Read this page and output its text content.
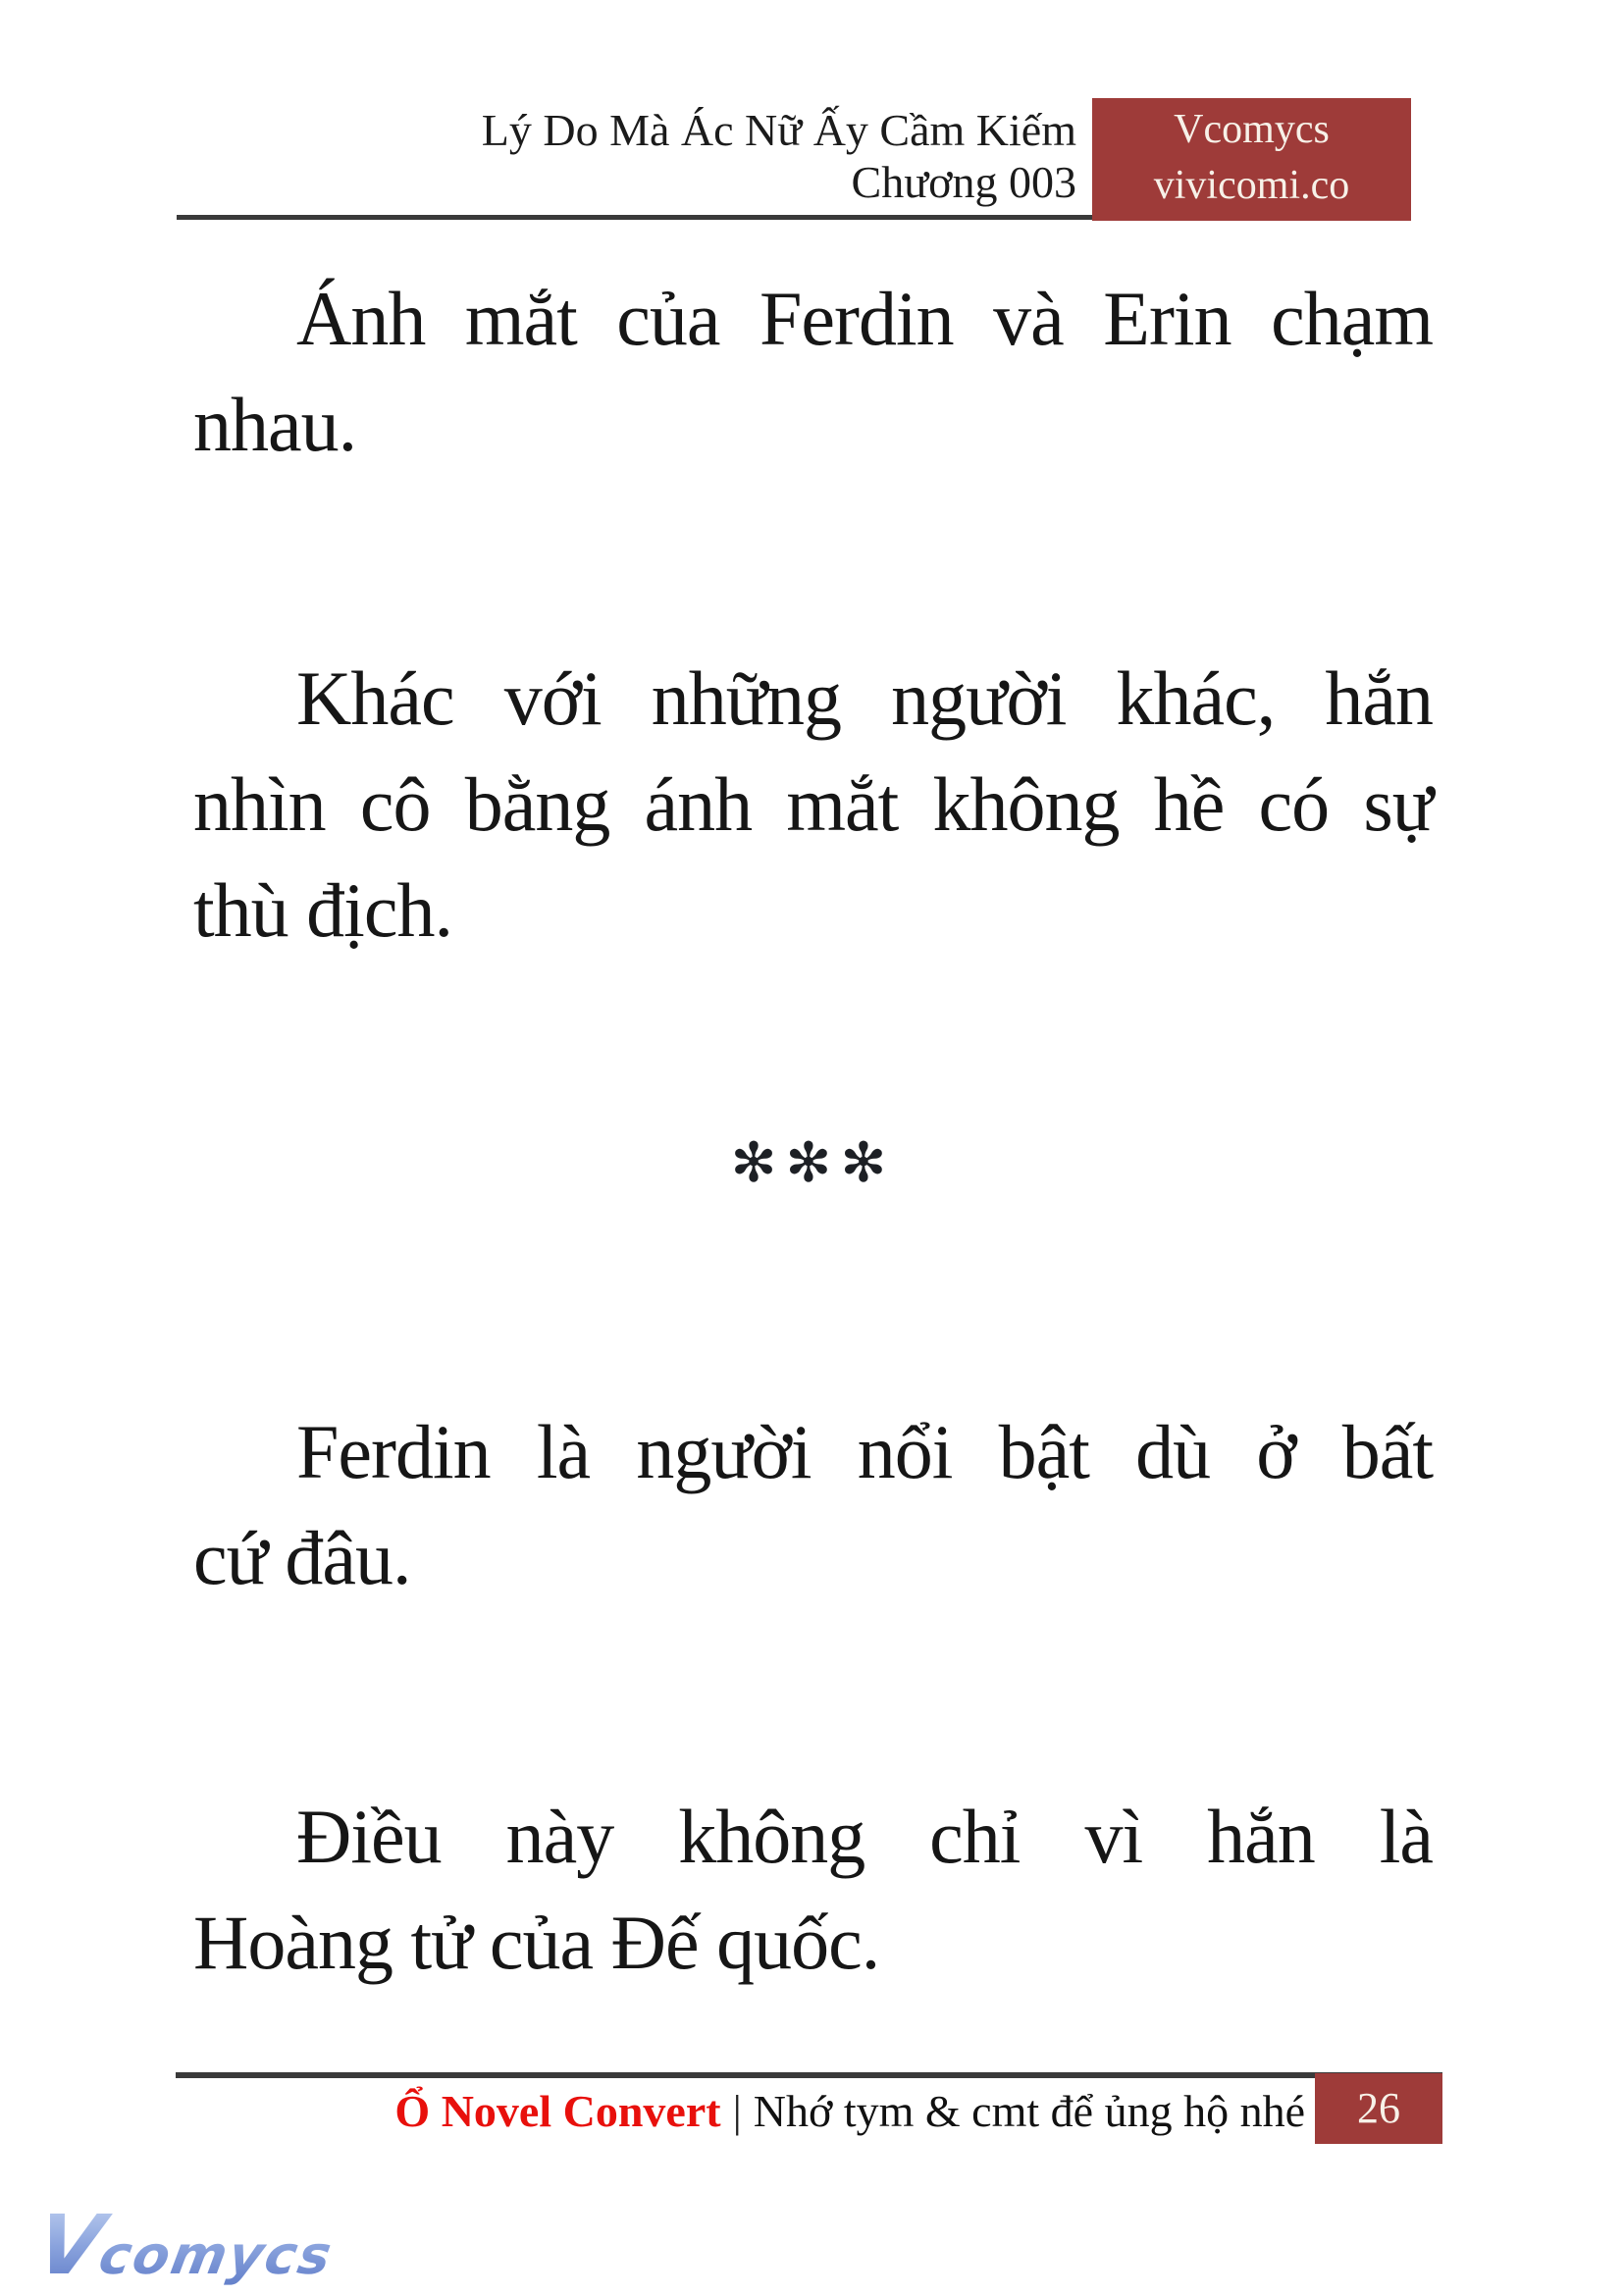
Lý Do Mà Ác Nữ Ấy Cầm Kiếm
Chương 003
Vcomycs
vivicomi.co
Ánh mắt của Ferdin và Erin chạm
nhau.
Khác với những người khác, hắn
nhìn cô bằng ánh mắt không hề có sự
thù địch.
✻✻✻
Ferdin là người nổi bật dù ở bất
cứ đâu.
Điều này không chỉ vì hắn là
Hoàng tử của Đế quốc.
Ổ Novel Convert | Nhớ tym & cmt để ủng hộ nhé	26
Vcomycs
